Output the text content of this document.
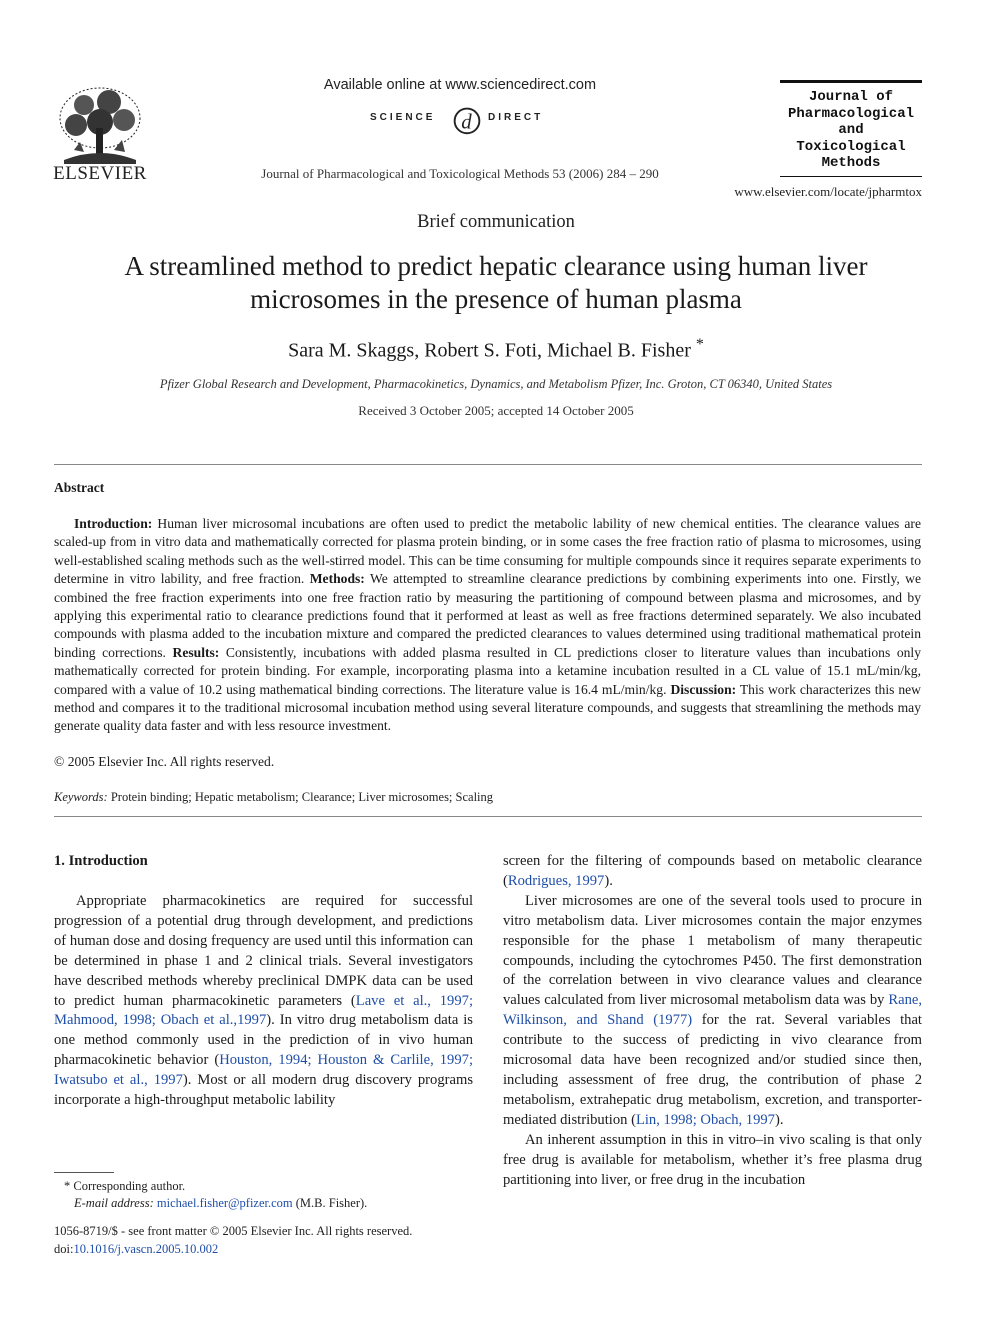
ELSEVIER
Available online at www.sciencedirect.com
SCIENCE d DIRECT
Journal of Pharmacological and Toxicological Methods 53 (2006) 284 – 290
Journal of
Pharmacological
and
Toxicological
Methods
www.elsevier.com/locate/jpharmtox
Brief communication
A streamlined method to predict hepatic clearance using human liver
microsomes in the presence of human plasma
Sara M. Skaggs, Robert S. Foti, Michael B. Fisher *
Pfizer Global Research and Development, Pharmacokinetics, Dynamics, and Metabolism Pfizer, Inc. Groton, CT 06340, United States
Received 3 October 2005; accepted 14 October 2005
Abstract

Introduction: Human liver microsomal incubations are often used to predict the metabolic lability of new chemical entities. The clearance values are scaled-up from in vitro data and mathematically corrected for plasma protein binding, or in some cases the free fraction ratio of plasma to microsomes, using well-established scaling methods such as the well-stirred model. This can be time consuming for multiple compounds since it requires separate experiments to determine in vitro lability, and free fraction. Methods: We attempted to streamline clearance predictions by combining experiments into one. Firstly, we combined the free fraction experiments into one free fraction ratio by measuring the partitioning of compound between plasma and microsomes, and by applying this experimental ratio to clearance predictions found that it performed at least as well as free fractions determined separately. We also incubated compounds with plasma added to the incubation mixture and compared the predicted clearances to values determined using traditional mathematical protein binding corrections. Results: Consistently, incubations with added plasma resulted in CL predictions closer to literature values than incubations only mathematically corrected for protein binding. For example, incorporating plasma into a ketamine incubation resulted in a CL value of 15.1 mL/min/kg, compared with a value of 10.2 using mathematical binding corrections. The literature value is 16.4 mL/min/kg. Discussion: This work characterizes this new method and compares it to the traditional microsomal incubation method using several literature compounds, and suggests that streamlining the methods may generate quality data faster and with less resource investment.

© 2005 Elsevier Inc. All rights reserved.
Keywords: Protein binding; Hepatic metabolism; Clearance; Liver microsomes; Scaling
1. Introduction

Appropriate pharmacokinetics are required for successful progression of a potential drug through development, and predictions of human dose and dosing frequency are used until this information can be determined in phase 1 and 2 clinical trials. Several investigators have described methods whereby preclinical DMPK data can be used to predict human pharmacokinetic parameters (Lave et al., 1997; Mahmood, 1998; Obach et al.,1997). In vitro drug metabolism data is one method commonly used in the prediction of in vivo human pharmacokinetic behavior (Houston, 1994; Houston & Carlile, 1997; Iwatsubo et al., 1997). Most or all modern drug discovery programs incorporate a high-throughput metabolic lability

screen for the filtering of compounds based on metabolic clearance (Rodrigues, 1997).

Liver microsomes are one of the several tools used to procure in vitro metabolism data. Liver microsomes contain the major enzymes responsible for the phase 1 metabolism of many therapeutic compounds, including the cytochromes P450. The first demonstration of the correlation between in vivo clearance values and clearance values calculated from liver microsomal metabolism data was by Rane, Wilkinson, and Shand (1977) for the rat. Several variables that contribute to the success of predicting in vivo clearance from microsomal data have been recognized and/or studied since then, including assessment of free drug, the contribution of phase 2 metabolism, extrahepatic drug metabolism, excretion, and transporter-mediated distribution (Lin, 1998; Obach, 1997).

An inherent assumption in this in vitro–in vivo scaling is that only free drug is available for metabolism, whether it’s free plasma drug partitioning into liver, or free drug in the incubation

* Corresponding author.
E-mail address: michael.fisher@pfizer.com (M.B. Fisher).
1056-8719/$ - see front matter © 2005 Elsevier Inc. All rights reserved.
doi:10.1016/j.vascn.2005.10.002
